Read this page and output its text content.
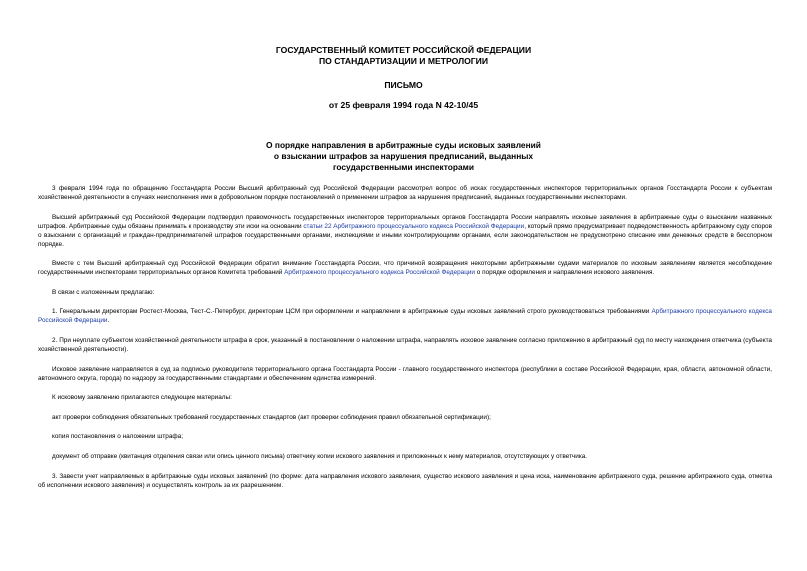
ГОСУДАРСТВЕННЫЙ КОМИТЕТ РОССИЙСКОЙ ФЕДЕРАЦИИ
ПО СТАНДАРТИЗАЦИИ И МЕТРОЛОГИИ
ПИСЬМО
от 25 февраля 1994 года N 42-10/45
О порядке направления в арбитражные суды исковых заявлений
о взыскании штрафов за нарушения предписаний, выданных
государственными инспекторами

3 февраля 1994 года по обращению Госстандарта России Высший арбитражный суд Российской Федерации рассмотрел вопрос об исках государственных инспекторов территориальных органов Госстандарта России к субъектам хозяйственной деятельности в случаях неисполнения ими в добровольном порядке постановлений о применении штрафов за нарушения предписаний, выданных государственными инспекторами.

Высший арбитражный суд Российской Федерации подтвердил правомочность государственных инспекторов территориальных органов Госстандарта России направлять исковые заявления в арбитражные суды о взыскании названных штрафов. Арбитражные суды обязаны принимать к производству эти иски на основании статьи 22 Арбитражного процессуального кодекса Российской Федерации, который прямо предусматривает подведомственность арбитражному суду споров о взыскании с организаций и граждан-предпринимателей штрафов государственными органами, инспекциями и иными контролирующими органами, если законодательством не предусмотрено списание ими денежных средств в бесспорном порядке.

Вместе с тем Высший арбитражный суд Российской Федерации обратил внимание Госстандарта России, что причиной возвращения некоторыми арбитражными судами материалов по исковым заявлениям является несоблюдение государственными инспекторами территориальных органов Комитета требований Арбитражного процессуального кодекса Российской Федерации о порядке оформления и направления искового заявления.

В связи с изложенным предлагаю:

1. Генеральным директорам Ростест-Москва, Тест-С.-Петербург, директорам ЦСМ при оформлении и направлении в арбитражные суды исковых заявлений строго руководствоваться требованиями Арбитражного процессуального кодекса Российской Федерации.

2. При неуплате субъектом хозяйственной деятельности штрафа в срок, указанный в постановлении о наложении штрафа, направлять исковое заявление согласно приложению в арбитражный суд по месту нахождения ответчика (субъекта хозяйственной деятельности).

Исковое заявление направляется в суд за подписью руководителя территориального органа Госстандарта России - главного государственного инспектора (республики в составе Российской Федерации, края, области, автономной области, автономного округа, города) по надзору за государственными стандартами и обеспечением единства измерений.

К исковому заявлению прилагаются следующие материалы:

акт проверки соблюдения обязательных требований государственных стандартов (акт проверки соблюдения правил обязательной сертификации);

копия постановления о наложении штрафа;

документ об отправке (квитанция отделения связи или опись ценного письма) ответчику копии искового заявления и приложенных к нему материалов, отсутствующих у ответчика.

3. Завести учет направляемых в арбитражные суды исковых заявлений (по форме: дата направления искового заявления, существо искового заявления и цена иска, наименование арбитражного суда, решение арбитражного суда, отметка об исполнении искового заявления) и осуществлять контроль за их разрешением.
